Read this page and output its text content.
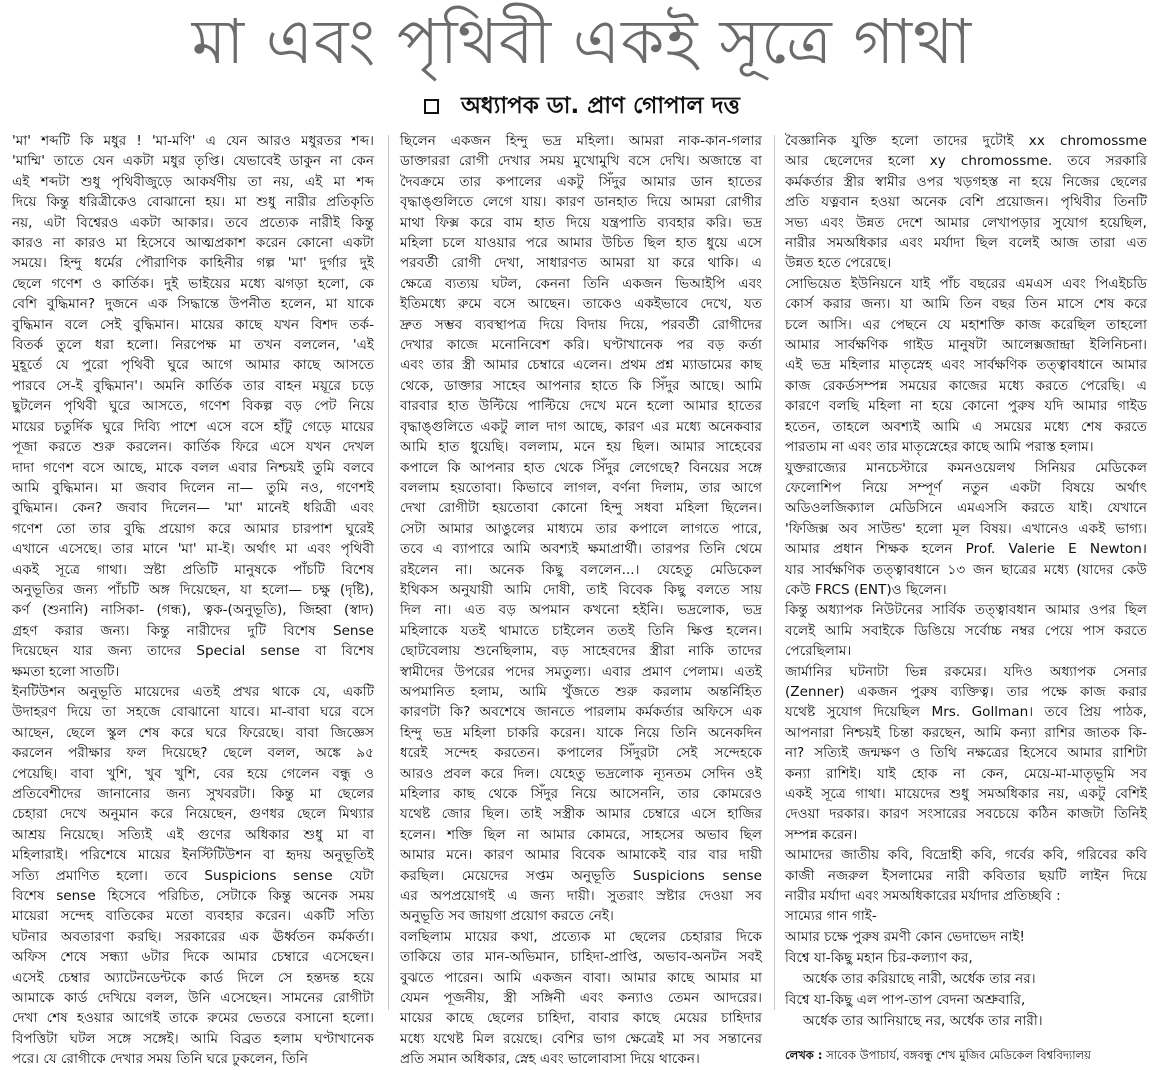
মা এবং পৃথিবী একই সূত্রে গাথা
অধ্যাপক ডা. প্রাণ গোপাল দত্ত
'মা' শব্দটি কি মধুর ! 'মা-মণি' এ যেন আরও মধুরতর শব্দ।
'মাম্মি' তাতে যেন একটা মধুর তৃপ্তি। যেভাবেই ডাকুন না কেন
এই শব্দটা শুধু পৃথিবীজুড়ে আকর্ষণীয় তা নয়, এই মা শব্দ
দিয়ে কিন্তু ধরিত্রীকেও বোঝানো হয়। মা শুধু নারীর প্রতিকৃতি
নয়, এটা বিশ্বেরও একটা আকার। তবে প্রত্যেক নারীই কিন্তু
কারও না কারও মা হিসেবে আত্মপ্রকাশ করেন কোনো একটা
সময়ে। হিন্দু ধর্মের পৌরাণিক কাহিনীর গল্প 'মা' দুর্গার দুই
ছেলে গণেশ ও কার্তিক। দুই ভাইয়ের মধ্যে ঝগড়া হলো, কে
বেশি বুদ্ধিমান? দুজনে এক সিদ্ধান্তে উপনীত হলেন, মা যাকে
বুদ্ধিমান বলে সেই বুদ্ধিমান। মায়ের কাছে যখন বিশদ তর্ক-
বিতর্ক তুলে ধরা হলো। নিরপেক্ষ মা তখন বললেন, 'এই
মুহূর্তে যে পুরো পৃথিবী ঘুরে আগে আমার কাছে আসতে
পারবে সে-ই বুদ্ধিমান'। অমনি কার্তিক তার বাহন ময়ূরে চড়ে
ছুটলেন পৃথিবী ঘুরে আসতে, গণেশ বিকল্প বড় পেট নিয়ে
মায়ের চতুর্দিক ঘুরে দিব্যি পাশে এসে বসে হাঁটু গেড়ে মায়ের
পূজা করতে শুরু করলেন। কার্তিক ফিরে এসে যখন দেখল
দাদা গণেশ বসে আছে, মাকে বলল এবার নিশ্চয়ই তুমি বলবে
আমি বুদ্ধিমান। মা জবাব দিলেন না— তুমি নও, গণেশই
বুদ্ধিমান। কেন? জবাব দিলেন— 'মা' মানেই ধরিত্রী এবং
গণেশ তো তার বুদ্ধি প্রয়োগ করে আমার চারপাশ ঘুরেই
এখানে এসেছে। তার মানে 'মা' মা-ই। অর্থাৎ মা এবং পৃথিবী
একই সূত্রে গাথা। স্রষ্টা প্রতিটি মানুষকে পাঁচটি বিশেষ
অনুভূতির জন্য পাঁচটি অঙ্গ দিয়েছেন, যা হলো— চক্ষু (দৃষ্টি),
কর্ণ (শুনানি) নাসিকা- (গন্ধ), ত্বক-(অনুভূতি), জিহ্বা (স্বাদ)
গ্রহণ করার জন্য। কিন্তু নারীদের দুটি বিশেষ Sense
দিয়েছেন যার জন্য তাদের Special sense বা বিশেষ
ক্ষমতা হলো সাতটি।
ইনটিউশন অনুভূতি মায়েদের এতই প্রখর থাকে যে, একটি
উদাহরণ দিয়ে তা সহজে বোঝানো যাবে। মা-বাবা ঘরে বসে
আছেন, ছেলে স্কুল শেষ করে ঘরে ফিরেছে। বাবা জিজ্ঞেস
করলেন পরীক্ষার ফল দিয়েছে? ছেলে বলল, অঙ্কে ৯৫
পেয়েছি। বাবা খুশি, খুব খুশি, বের হয়ে গেলেন বন্ধু ও
প্রতিবেশীদের জানানোর জন্য সুখবরটা। কিন্তু মা ছেলের
চেহারা দেখে অনুমান করে নিয়েছেন, গুণধর ছেলে মিথ্যার
আশ্রয় নিয়েছে। সত্যিই এই গুণের অধিকার শুধু মা বা
মহিলারাই। পরিশেষে মায়ের ইনস্টিটিউশন বা হৃদয় অনুভূতিই
সত্যি প্রমাণিত হলো। তবে Suspicions sense যেটা
বিশেষ sense হিসেবে পরিচিত, সেটাকে কিন্তু অনেক সময়
মায়েরা সন্দেহ বাতিকের মতো ব্যবহার করেন। একটি সত্যি
ঘটনার অবতারণা করছি। সরকারের এক ঊর্ধ্বতন কর্মকর্তা।
অফিস শেষে সন্ধ্যা ৬টার দিকে আমার চেম্বারে এসেছেন।
এসেই চেম্বার অ্যাটেনডেন্টকে কার্ড দিলে সে হন্তদন্ত হয়ে
আমাকে কার্ড দেখিয়ে বলল, উনি এসেছেন। সামনের রোগীটা
দেখা শেষ হওয়ার আগেই তাকে রুমের ভেতরে বসানো হলো।
বিপত্তিটা ঘটল সঙ্গে সঙ্গেই। আমি বিব্রত হলাম ঘণ্টাখানেক
পরে। যে রোগীকে দেখার সময় তিনি ঘরে ঢুকলেন, তিনি
ছিলেন একজন হিন্দু ভদ্র মহিলা। আমরা নাক-কান-গলার
ডাক্তাররা রোগী দেখার সময় মুখোমুখি বসে দেখি। অজান্তে বা
দৈবক্রমে তার কপালের একটু সিঁদুর আমার ডান হাতের
বৃদ্ধাঙ্গুলিতে লেগে যায়। কারণ ডানহাত দিয়ে আমরা রোগীর
মাথা ফিক্স করে বাম হাত দিয়ে যন্ত্রপাতি ব্যবহার করি। ভদ্র
মহিলা চলে যাওয়ার পরে আমার উচিত ছিল হাত ধুয়ে এসে
পরবর্তী রোগী দেখা, সাধারণত আমরা যা করে থাকি। এ
ক্ষেত্রে ব্যত্যয় ঘটল, কেননা তিনি একজন ভিআইপি এবং
ইতিমধ্যে রুমে বসে আছেন। তাকেও একইভাবে দেখে, যত
দ্রুত সম্ভব ব্যবস্থাপত্র দিয়ে বিদায় দিয়ে, পরবর্তী রোগীদের
দেখার কাজে মনোনিবেশ করি। ঘণ্টাখানেক পর বড় কর্তা
এবং তার স্ত্রী আমার চেম্বারে এলেন। প্রথম প্রশ্ন ম্যাডামের কাছ
থেকে, ডাক্তার সাহেব আপনার হাতে কি সিঁদুর আছে। আমি
বারবার হাত উল্টিয়ে পাল্টিয়ে দেখে মনে হলো আমার হাতের
বৃদ্ধাঙ্গুলিতে একটু লাল দাগ আছে, কারণ এর মধ্যে অনেকবার
আমি হাত ধুয়েছি। বললাম, মনে হয় ছিল। আমার সাহেবের
কপালে কি আপনার হাত থেকে সিঁদুর লেগেছে? বিনয়ের সঙ্গে
বললাম হয়তোবা। কিভাবে লাগল, বর্ণনা দিলাম, তার আগে
দেখা রোগীটা হয়তোবা কোনো হিন্দু সধবা মহিলা ছিলেন।
সেটা আমার আঙুলের মাধ্যমে তার কপালে লাগতে পারে,
তবে এ ব্যাপারে আমি অবশ্যই ক্ষমাপ্রার্থী। তারপর তিনি থেমে
রইলেন না। অনেক কিছু বললেন...। যেহেতু মেডিকেল
ইথিকস অনুযায়ী আমি দোষী, তাই বিবেক কিছু বলতে সায়
দিল না। এত বড় অপমান কখনো হইনি। ভদ্রলোক, ভদ্র
মহিলাকে যতই থামাতে চাইলেন ততই তিনি ক্ষিপ্ত হলেন।
ছোটবেলায় শুনেছিলাম, বড় সাহেবদের স্ত্রীরা নাকি তাদের
স্বামীদের উপরের পদের সমতুল্য। এবার প্রমাণ পেলাম। এতই
অপমানিত হলাম, আমি খুঁজতে শুরু করলাম অন্তর্নিহিত
কারণটা কি? অবশেষে জানতে পারলাম কর্মকর্তার অফিসে এক
হিন্দু ভদ্র মহিলা চাকরি করেন। যাকে নিয়ে তিনি অনেকদিন
ধরেই সন্দেহ করতেন। কপালের সিঁদুরটা সেই সন্দেহকে
আরও প্রবল করে দিল। যেহেতু ভদ্রলোক ন্যূনতম সেদিন ওই
মহিলার কাছ থেকে সিঁদুর নিয়ে আসেননি, তার কোমরেও
যথেষ্ট জোর ছিল। তাই সস্ত্রীক আমার চেম্বারে এসে হাজির
হলেন। শক্তি ছিল না আমার কোমরে, সাহসের অভাব ছিল
আমার মনে। কারণ আমার বিবেক আমাকেই বার বার দায়ী
করছিল। মেয়েদের সপ্তম অনুভূতি Suspicions sense
এর অপপ্রয়োগই এ জন্য দায়ী। সুতরাং স্রষ্টার দেওয়া সব
অনুভূতি সব জায়গা প্রয়োগ করতে নেই।
বলছিলাম মায়ের কথা, প্রত্যেক মা ছেলের চেহারার দিকে
তাকিয়ে তার মান-অভিমান, চাহিদা-প্রাপ্তি, অভাব-অনটন সবই
বুঝতে পারেন। আমি একজন বাবা। আমার কাছে আমার মা
যেমন পূজনীয়, স্ত্রী সঙ্গিনী এবং কন্যাও তেমন আদরের।
মায়ের কাছে ছেলের চাহিদা, বাবার কাছে মেয়ের চাহিদার
মধ্যে যথেষ্ট মিল রয়েছে। বেশির ভাগ ক্ষেত্রেই মা সব সন্তানের
প্রতি সমান অধিকার, স্নেহ এবং ভালোবাসা দিয়ে থাকেন।
বৈজ্ঞানিক যুক্তি হলো তাদের দুটোই xx chromossme
আর ছেলেদের হলো xy chromossme. তবে সরকারি
কর্মকর্তার স্ত্রীর স্বামীর ওপর খড়গহস্ত না হয়ে নিজের ছেলের
প্রতি যত্নবান হওয়া অনেক বেশি প্রয়োজন। পৃথিবীর তিনটি
সভ্য এবং উন্নত দেশে আমার লেখাপড়ার সুযোগ হয়েছিল,
নারীর সমঅধিকার এবং মর্যাদা ছিল বলেই আজ তারা এত
উন্নত হতে পেরেছে।
সোভিয়েত ইউনিয়নে যাই পাঁচ বছরের এমএস এবং পিএইচডি
কোর্স করার জন্য। যা আমি তিন বছর তিন মাসে শেষ করে
চলে আসি। এর পেছনে যে মহাশক্তি কাজ করেছিল তাহলো
আমার সার্বক্ষণিক গাইড মানুষটা আলেক্সজান্দ্রা ইলিনিচনা।
এই ভদ্র মহিলার মাতৃস্নেহ এবং সার্বক্ষণিক তত্ত্বাবধানে আমার
কাজ রেকর্ডসম্পন্ন সময়ের কাজের মধ্যে করতে পেরেছি। এ
কারণে বলছি মহিলা না হয়ে কোনো পুরুষ যদি আমার গাইড
হতেন, তাহলে অবশ্যই আমি এ সময়ের মধ্যে শেষ করতে
পারতাম না এবং তার মাতৃস্নেহের কাছে আমি পরাস্ত হলাম।
যুক্তরাজ্যের মানচেস্টারে কমনওয়েলথ সিনিয়র মেডিকেল
ফেলোশিপ নিয়ে সম্পূর্ণ নতুন একটা বিষয়ে অর্থাৎ
অডিওলজিক্যাল মেডিসিনে এমএসসি করতে যাই। যেখানে
'ফিজিক্স অব সাউন্ড' হলো মূল বিষয়। এখানেও একই ভাগ্য।
আমার প্রধান শিক্ষক হলেন Prof. Valerie E Newton।
যার সার্বক্ষণিক তত্ত্বাবধানে ১৩ জন ছাত্রের মধ্যে (যাদের কেউ
কেউ FRCS (ENT)ও ছিলেন।
কিন্তু অধ্যাপক নিউটনের সার্বিক তত্ত্বাবধান আমার ওপর ছিল
বলেই আমি সবাইকে ডিঙিয়ে সর্বোচ্চ নম্বর পেয়ে পাস করতে
পেরেছিলাম।
জার্মানির ঘটনাটা ভিন্ন রকমের। যদিও অধ্যাপক সেনার
(Zenner) একজন পুরুষ ব্যক্তিত্ব। তার পক্ষে কাজ করার
যথেষ্ট সুযোগ দিয়েছিল Mrs. Gollman। তবে প্রিয় পাঠক,
আপনারা নিশ্চয়ই চিন্তা করছেন, আমি কন্যা রাশির জাতক কি-
না? সত্যিই জন্মক্ষণ ও তিথি নক্ষত্রের হিসেবে আমার রাশিটা
কন্যা রাশিই। যাই হোক না কেন, মেয়ে-মা-মাতৃভূমি সব
একই সূত্রে গাথা। মায়েদের শুধু সমঅধিকার নয়, একটু বেশিই
দেওয়া দরকার। কারণ সংসারের সবচেয়ে কঠিন কাজটা তিনিই
সম্পন্ন করেন।
আমাদের জাতীয় কবি, বিদ্রোহী কবি, গর্বের কবি, গরিবের কবি
কাজী নজরুল ইসলামের নারী কবিতার ছয়টি লাইন দিয়ে
নারীর মর্যাদা এবং সমঅধিকারের মর্যাদার প্রতিচ্ছবি :
সাম্যের গান গাই-
আমার চক্ষে পুরুষ রমণী কোন ভেদাভেদ নাই!
বিশ্বে যা-কিছু মহান চির-কল্যাণ কর,
অর্ধেক তার করিয়াছে নারী, অর্ধেক তার নর।
বিশ্বে যা-কিছু এল পাপ-তাপ বেদনা অশ্রুবারি,
অর্ধেক তার আনিয়াছে নর, অর্ধেক তার নারী।
লেখক : সাবেক উপাচার্য, বঙ্গবন্ধু শেখ মুজিব মেডিকেল বিশ্ববিদ্যালয়
